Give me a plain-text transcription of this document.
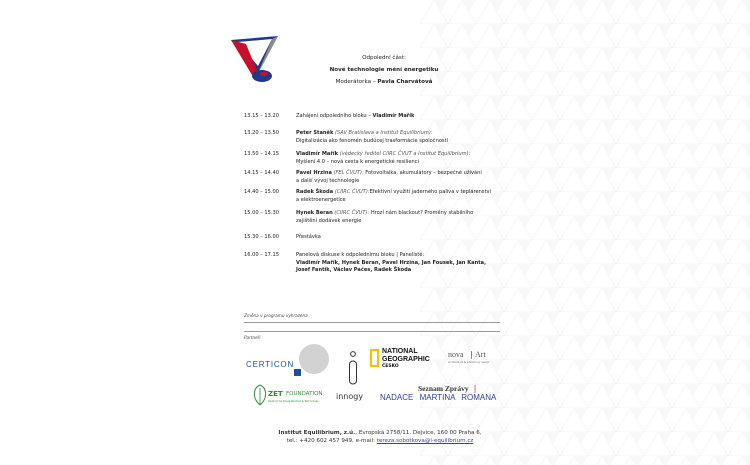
Odpolední část:
Nové technologie mění energetiku
Moderátorka – Pavla Charvátová
13.15 – 13.20	Zahájení odpoledního bloku – Vladimír Mařík
13.20 – 13.50	Peter Staněk (SAV Bratislava a Institut Equilibrium):
Digitalizácia ako fenomén budúcej trasformácie spoločnosti
13.50 – 14.15	Vladimír Mařík (vědecký ředitel CIIRC ČVUT a Institut Equilibrium):
Myšlení 4.0 – nová cesta k energetické resilienci
14.15 – 14.40	Pavel Hrzina (FEL ČVUT): Fotovoltaika, akumulátory – bezpečné užívání
a další vývoj technologie
14.40 – 15.00	Radek Škoda (CIIRC ČVUT):Efektivní využití jaderného paliva v teplárenství
a elektroenergetice
15.00 – 15.30	Hynek Beran (CIIRC ČVUT): Hrozí nám blackout? Proměny stabilního
zajištění dodávek energie
15.30 – 16.00	Přestávka
16.00 – 17.15	Panelová diskuse k odpolednímu bloku | Panelisté:
Vladimír Mařík, Hynek Beran, Pavel Hrzina, Jan Fousek, Jan Kanta,
Josef Fantík, Václav Pačes, Radek Škoda
Změna v programu vyhrazena
Partneři
CERTICON
innogy
NATIONAL
GEOGRAPHIC
ČESKO
nova | Art
architektura & interiérový design
Seznam Zprávy |
ZET FOUNDATION
Zentrum für Energietechnik & Technologie	NADACE MARTINA ROMANA
Institut Equilibrium, z.ú., Evropská 2758/11, Dejvice, 160 00 Praha 6,
tel.: +420 602 457 949, e-mail: tereza.sobotkova@i-equilibrium.cz
